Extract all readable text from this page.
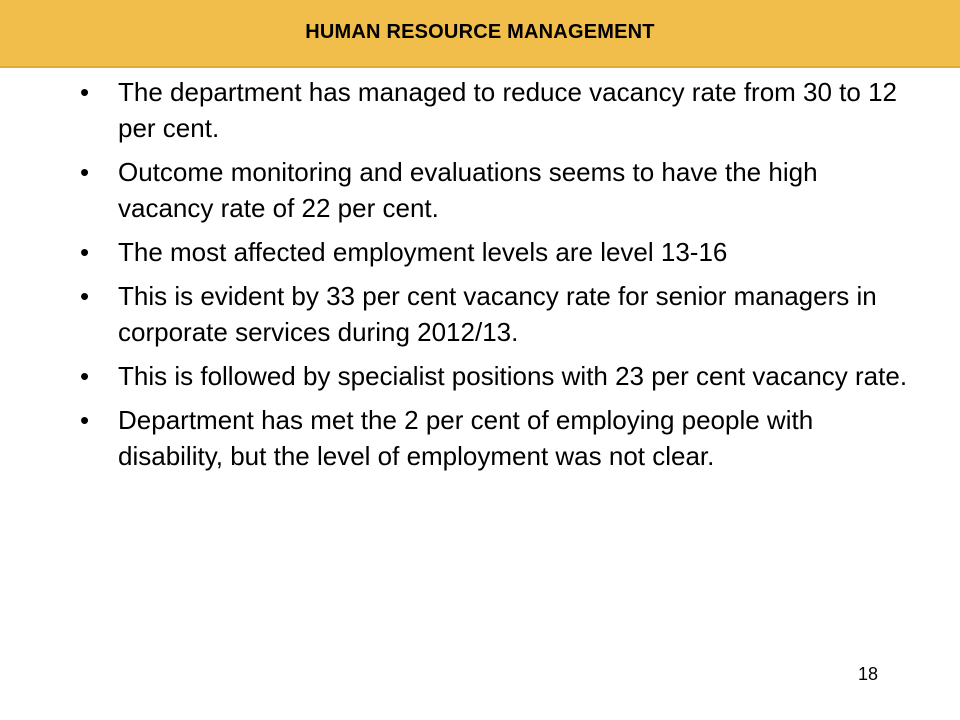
HUMAN RESOURCE MANAGEMENT
•	The department has managed to reduce vacancy rate from 30 to 12 per cent.
•	Outcome monitoring and evaluations seems to have the high vacancy rate of 22 per cent.
•	The most affected employment levels are level 13-16
•	This is evident by 33 per cent vacancy rate for senior managers in corporate services during 2012/13.
•	This is followed by specialist positions with 23 per cent vacancy rate.
•	Department has met the 2 per cent of employing people with disability, but the level of employment was not clear.
18
